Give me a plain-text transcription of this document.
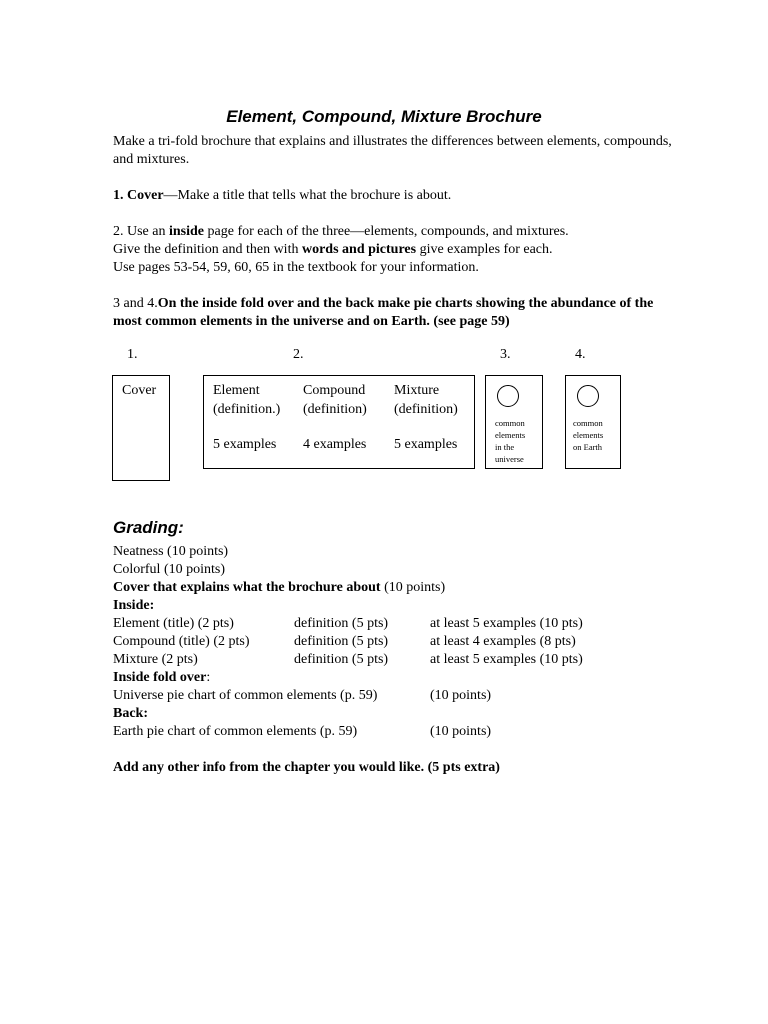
Element, Compound, Mixture Brochure
Make a tri-fold brochure that explains and illustrates the differences between elements, compounds, and mixtures.
1. Cover—Make a title that tells what the brochure is about.
2. Use an inside page for each of the three—elements, compounds, and mixtures.
Give the definition and then with words and pictures give examples for each.
Use pages 53-54, 59, 60, 65 in the textbook for your information.
3 and 4.On the inside fold over and the back make pie charts showing the abundance of the most common elements in the universe and on Earth. (see page 59)
1.	2.	3.	4.
Cover	Element
(definition.)
5 examples
Compound
(definition)
4 examples
Mixture
(definition)
5 examples
common
elements
in the
universe
common
elements
on Earth
Grading:
Neatness (10 points)
Colorful (10 points)
Cover that explains what the brochure about (10 points)
Inside:
Element (title) (2 pts)	definition (5 pts)	at least 5 examples (10 pts)
Compound (title) (2 pts)	definition (5 pts)	at least 4 examples (8 pts)
Mixture (2 pts)	definition (5 pts)	at least 5 examples (10 pts)
Inside fold over:
Universe pie chart of common elements (p. 59)	(10 points)
Back:
Earth pie chart of common elements (p. 59)	(10 points)
Add any other info from the chapter you would like. (5 pts extra)
